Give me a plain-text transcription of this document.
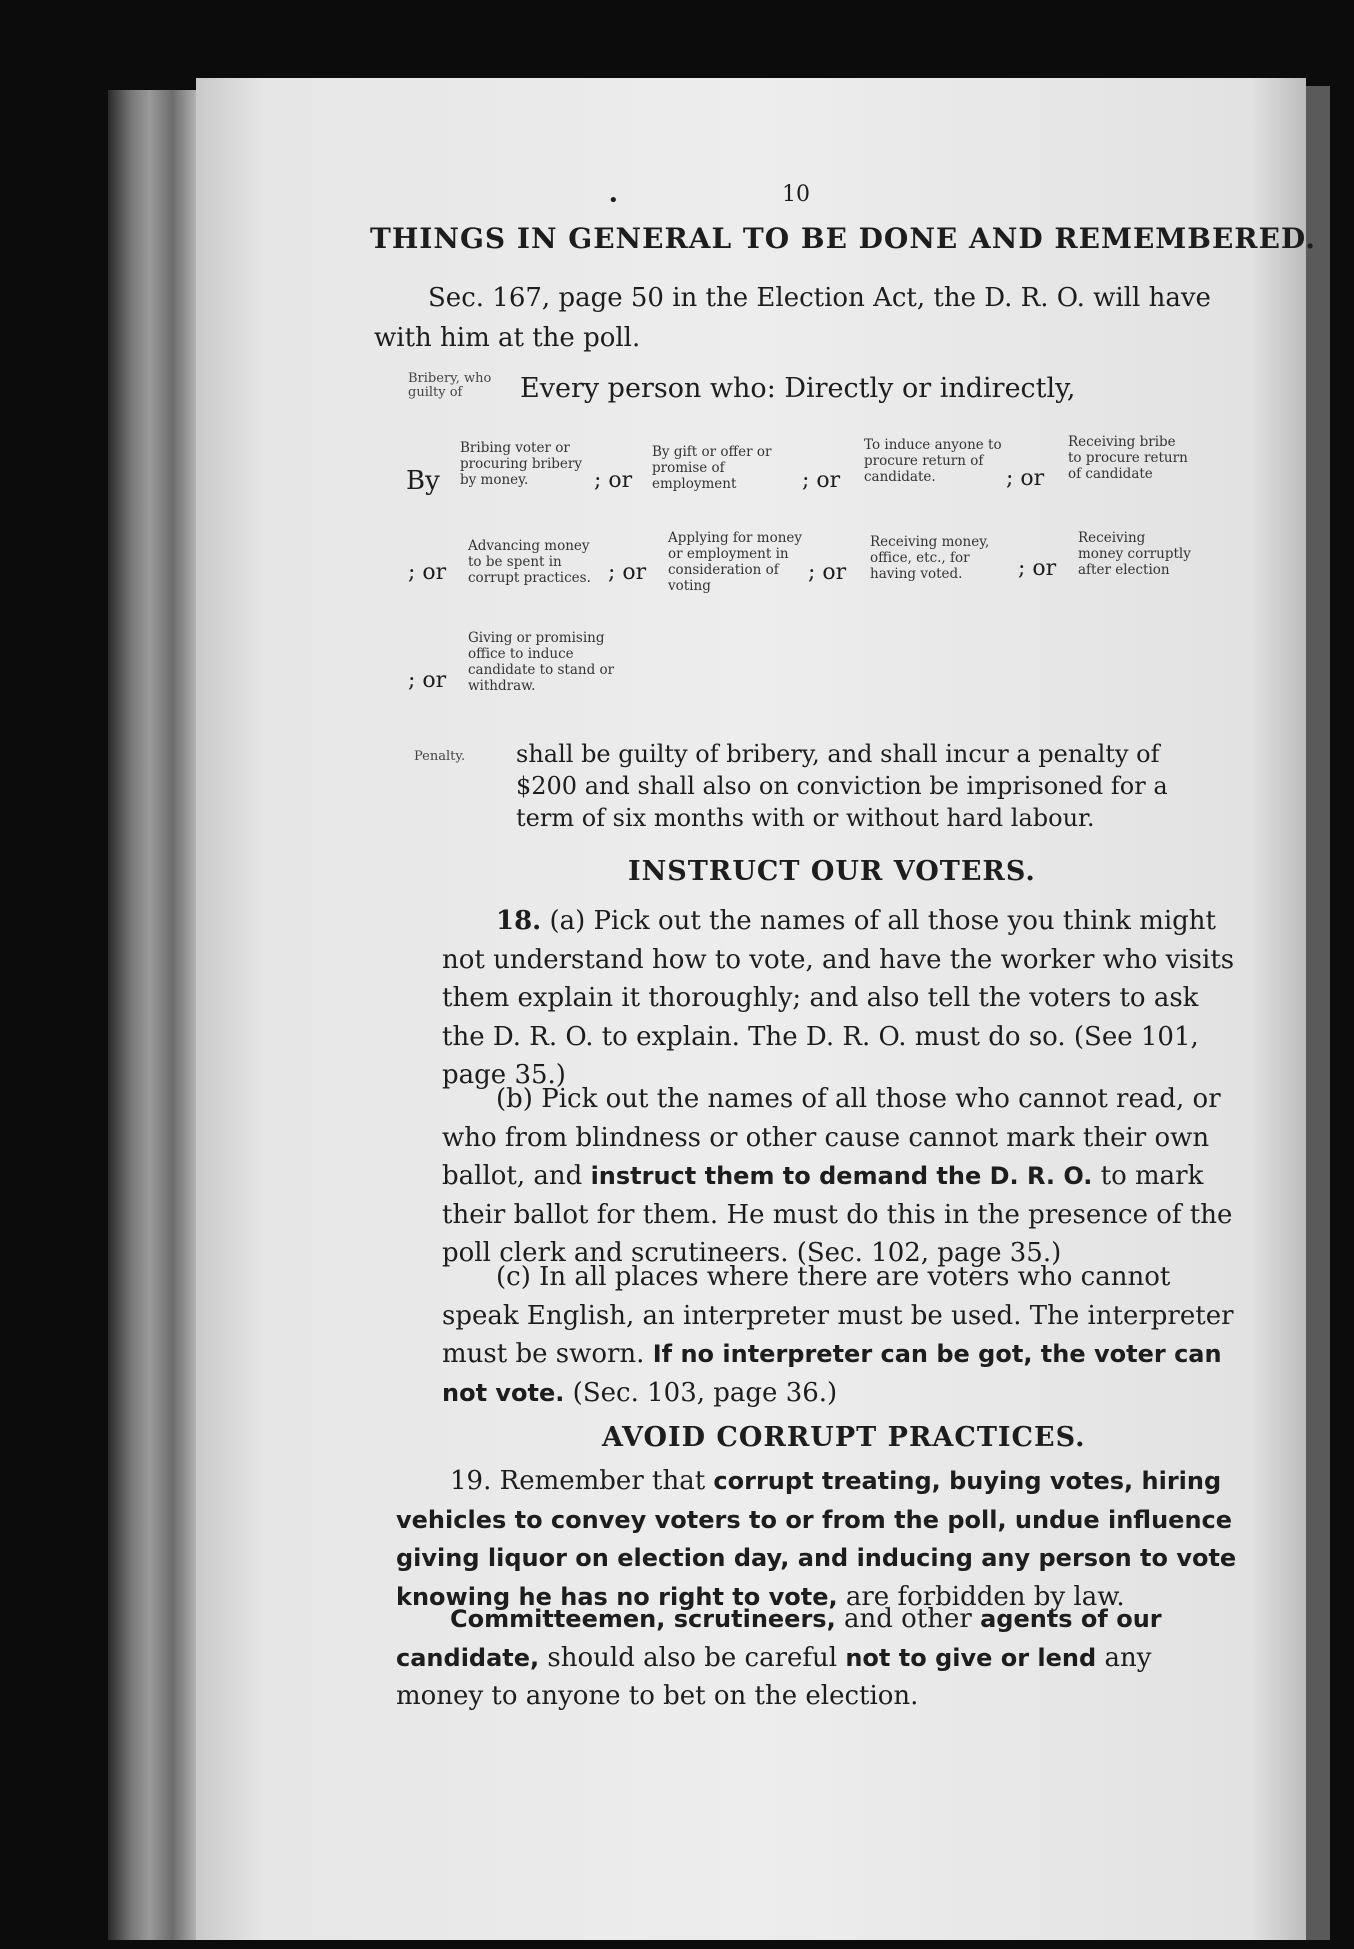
•	10
THINGS IN GENERAL TO BE DONE AND REMEMBERED.
Sec. 167, page 50 in the Election Act, the D. R. O. will have with him at the poll.
Bribery, who guilty of	Every person who: Directly or indirectly,
By
Bribing voter or procuring bribery by money.	; or
By gift or offer or promise of employment	; or
To induce anyone to procure return of candidate.	; or
Receiving bribe to procure return of candidate
; or
Advancing money to be spent in corrupt practices. ; or
Applying for money or employment in consideration of voting
; or
Receiving money, office, etc., for having voted.	; or
Receiving money corruptly after election
; or
Giving or promising office to induce candidate to stand or withdraw.
Penalty. shall be guilty of bribery, and shall incur a penalty of $200 and shall also on conviction be imprisoned for a term of six months with or without hard labour.
INSTRUCT OUR VOTERS.
18. (a) Pick out the names of all those you think might not understand how to vote, and have the worker who visits them explain it thoroughly; and also tell the voters to ask the D. R. O. to explain. The D. R. O. must do so. (See 101, page 35.)
(b) Pick out the names of all those who cannot read, or who from blindness or other cause cannot mark their own ballot, and instruct them to demand the D. R. O. to mark their ballot for them. He must do this in the presence of the poll clerk and scrutineers. (Sec. 102, page 35.)
(c) In all places where there are voters who cannot speak English, an interpreter must be used. The interpreter must be sworn. If no interpreter can be got, the voter can not vote. (Sec. 103, page 36.)
AVOID CORRUPT PRACTICES.
19. Remember that corrupt treating, buying votes, hiring vehicles to convey voters to or from the poll, undue influence giving liquor on election day, and inducing any person to vote knowing he has no right to vote, are forbidden by law.
Committeemen, scrutineers, and other agents of our candidate, should also be careful not to give or lend any money to anyone to bet on the election.
